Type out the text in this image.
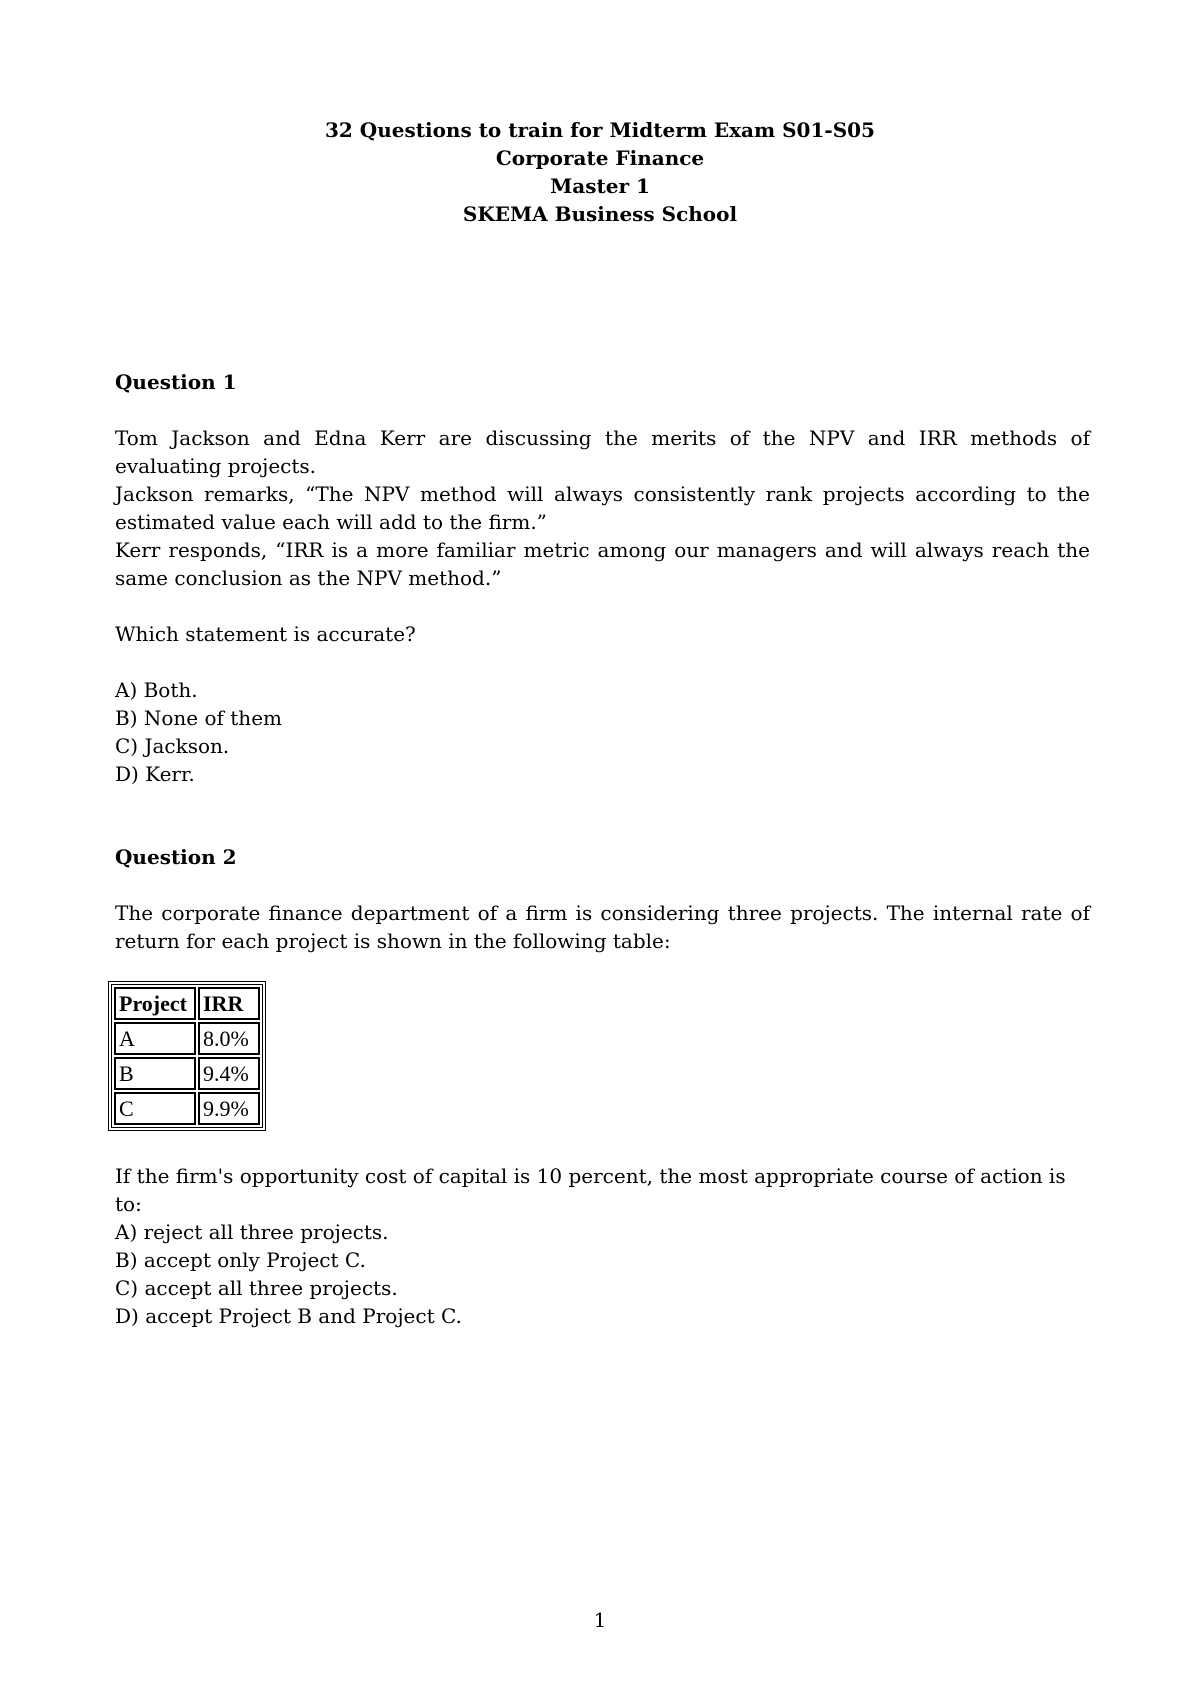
32 Questions to train for Midterm Exam S01-S05
Corporate Finance
Master 1
SKEMA Business School
Question 1
Tom Jackson and Edna Kerr are discussing the merits of the NPV and IRR methods of evaluating projects.
Jackson remarks, “The NPV method will always consistently rank projects according to the estimated value each will add to the firm.”
Kerr responds, “IRR is a more familiar metric among our managers and will always reach the same conclusion as the NPV method.”
Which statement is accurate?
A) Both.
B) None of them
C) Jackson.
D) Kerr.
Question 2
The corporate finance department of a firm is considering three projects. The internal rate of return for each project is shown in the following table:
Project	IRR
A	8.0%
B	9.4%
C	9.9%
If the firm's opportunity cost of capital is 10 percent, the most appropriate course of action is to:
A) reject all three projects.
B) accept only Project C.
C) accept all three projects.
D) accept Project B and Project C.
1
